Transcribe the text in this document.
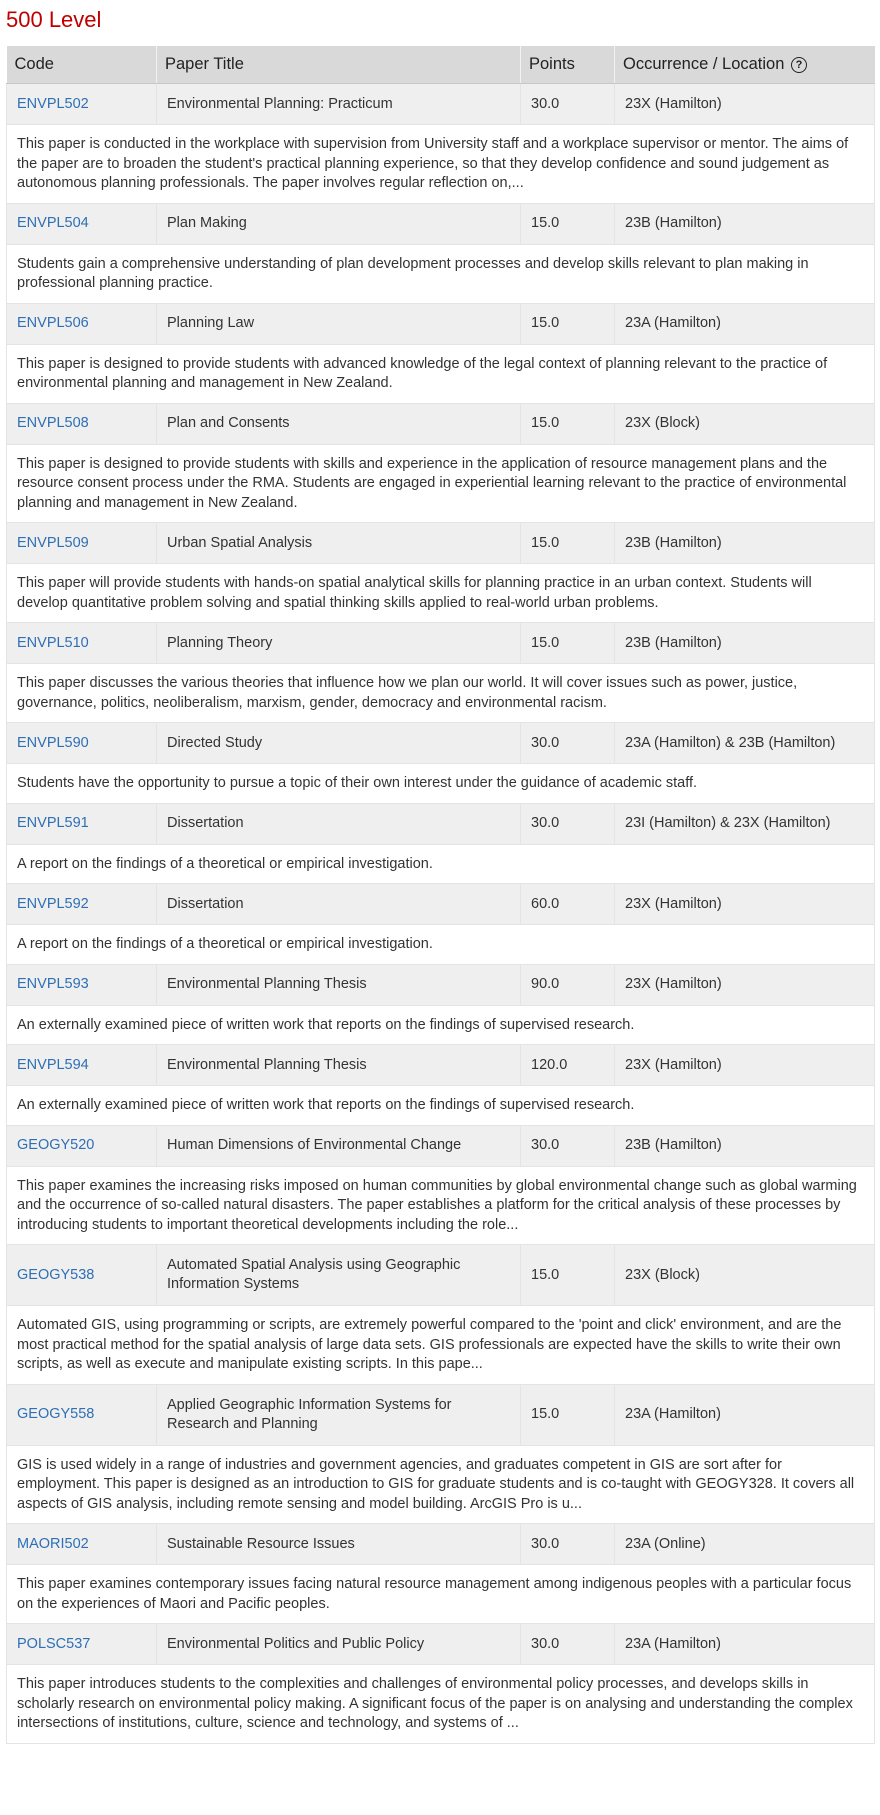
500 Level
Code	Paper Title	Points	Occurrence / Location ?
ENVPL502	Environmental Planning: Practicum	30.0	23X (Hamilton)
This paper is conducted in the workplace with supervision from University staff and a workplace supervisor or mentor. The aims of the paper are to broaden the student's practical planning experience, so that they develop confidence and sound judgement as autonomous planning professionals. The paper involves regular reflection on,...			
ENVPL504	Plan Making	15.0	23B (Hamilton)
Students gain a comprehensive understanding of plan development processes and develop skills relevant to plan making in professional planning practice.			
ENVPL506	Planning Law	15.0	23A (Hamilton)
This paper is designed to provide students with advanced knowledge of the legal context of planning relevant to the practice of environmental planning and management in New Zealand.			
ENVPL508	Plan and Consents	15.0	23X (Block)
This paper is designed to provide students with skills and experience in the application of resource management plans and the resource consent process under the RMA. Students are engaged in experiential learning relevant to the practice of environmental planning and management in New Zealand.			
ENVPL509	Urban Spatial Analysis	15.0	23B (Hamilton)
This paper will provide students with hands-on spatial analytical skills for planning practice in an urban context. Students will develop quantitative problem solving and spatial thinking skills applied to real-world urban problems.			
ENVPL510	Planning Theory	15.0	23B (Hamilton)
This paper discusses the various theories that influence how we plan our world. It will cover issues such as power, justice, governance, politics, neoliberalism, marxism, gender, democracy and environmental racism.			
ENVPL590	Directed Study	30.0	23A (Hamilton) & 23B (Hamilton)
Students have the opportunity to pursue a topic of their own interest under the guidance of academic staff.			
ENVPL591	Dissertation	30.0	23I (Hamilton) & 23X (Hamilton)
A report on the findings of a theoretical or empirical investigation.			
ENVPL592	Dissertation	60.0	23X (Hamilton)
A report on the findings of a theoretical or empirical investigation.			
ENVPL593	Environmental Planning Thesis	90.0	23X (Hamilton)
An externally examined piece of written work that reports on the findings of supervised research.			
ENVPL594	Environmental Planning Thesis	120.0	23X (Hamilton)
An externally examined piece of written work that reports on the findings of supervised research.			
GEOGY520	Human Dimensions of Environmental Change	30.0	23B (Hamilton)
This paper examines the increasing risks imposed on human communities by global environmental change such as global warming and the occurrence of so-called natural disasters. The paper establishes a platform for the critical analysis of these processes by introducing students to important theoretical developments including the role...			
GEOGY538	Automated Spatial Analysis using Geographic Information Systems	15.0	23X (Block)
Automated GIS, using programming or scripts, are extremely powerful compared to the 'point and click' environment, and are the most practical method for the spatial analysis of large data sets. GIS professionals are expected have the skills to write their own scripts, as well as execute and manipulate existing scripts. In this pape...			
GEOGY558	Applied Geographic Information Systems for Research and Planning	15.0	23A (Hamilton)
GIS is used widely in a range of industries and government agencies, and graduates competent in GIS are sort after for employment. This paper is designed as an introduction to GIS for graduate students and is co-taught with GEOGY328. It covers all aspects of GIS analysis, including remote sensing and model building. ArcGIS Pro is u...			
MAORI502	Sustainable Resource Issues	30.0	23A (Online)
This paper examines contemporary issues facing natural resource management among indigenous peoples with a particular focus on the experiences of Maori and Pacific peoples.			
POLSC537	Environmental Politics and Public Policy	30.0	23A (Hamilton)
This paper introduces students to the complexities and challenges of environmental policy processes, and develops skills in scholarly research on environmental policy making. A significant focus of the paper is on analysing and understanding the complex intersections of institutions, culture, science and technology, and systems of ...			
